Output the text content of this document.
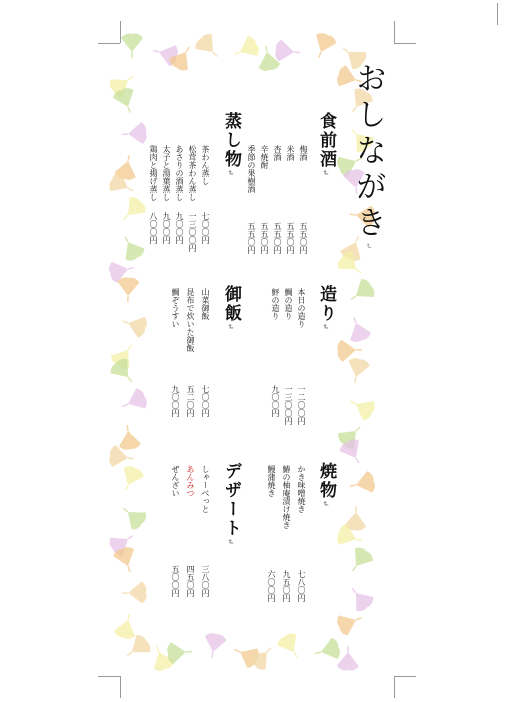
おしながき↵
食前酒↵
梅酒
米酒
杏酒
辛焼酎
季節の果樹酒
五五〇円
五五〇円
五五〇円
五五〇円
五五〇円
蒸し物↵
茶わん蒸し
松茸茶わん蒸し
あさりの酒蒸し
太子と湯葉蒸し
鶏肉と揚げ蒸し
七〇〇円
一三〇〇円
九〇〇円
九〇〇円
八〇〇円
造り↵
本日の造り
鯛の造り
鮃の造り
一二〇〇円
一三〇〇円
九〇〇円
御飯↵
山菜御飯
昆布で炊いた御飯
鯛ぞうすい
七〇〇円
五二〇円
九〇〇円
焼物↵
かき味噌焼き
鰆の柚庵漬け焼き
鰻蒲焼き
七八〇円
九五〇円
六〇〇円
デザート↵
しゃーべっと
あんみつ
ぜんざい
三八〇円
四五〇円
五〇〇円
